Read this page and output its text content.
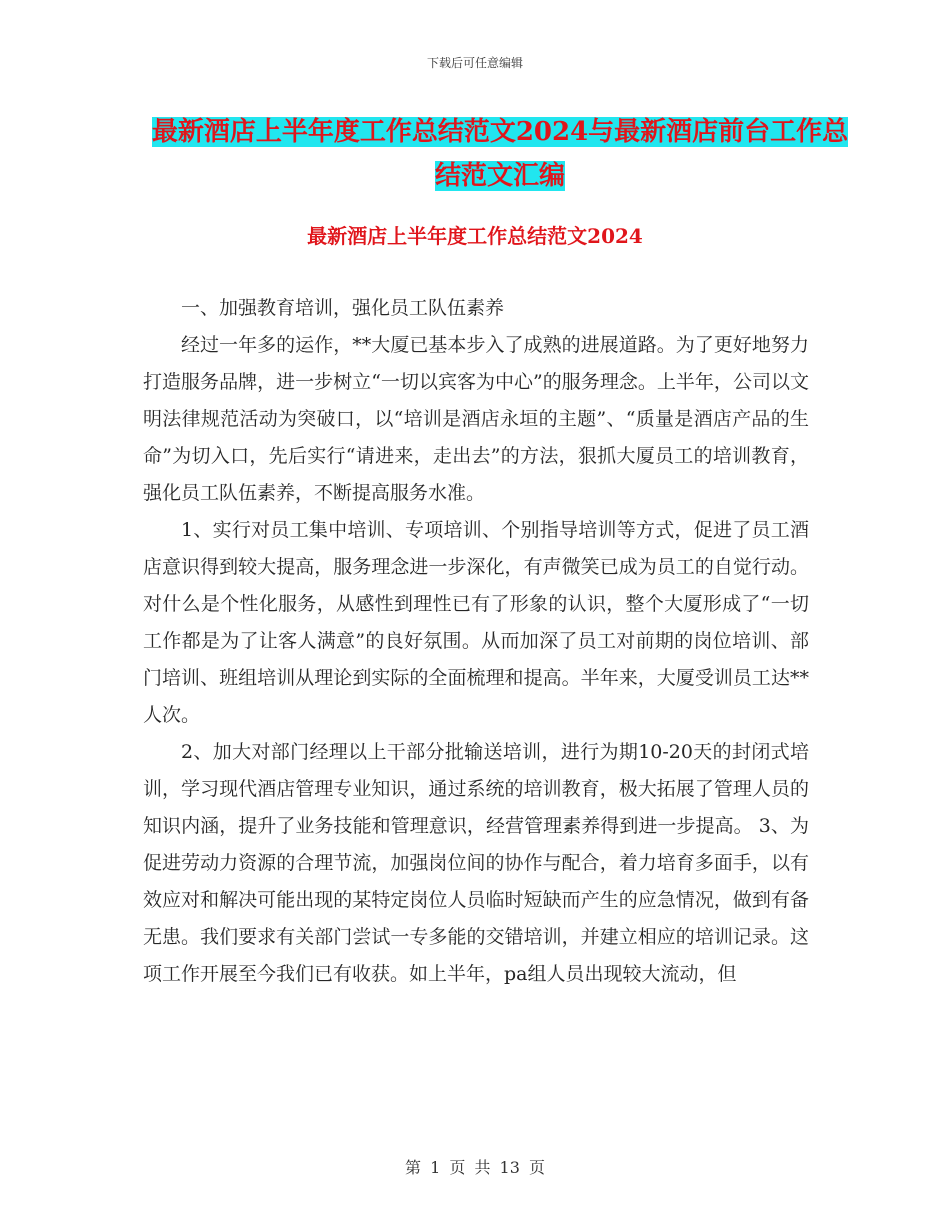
下载后可任意编辑
最新酒店上半年度工作总结范文2024与最新酒店前台工作总结范文汇编
最新酒店上半年度工作总结范文2024

一、加强教育培训，强化员工队伍素养

经过一年多的运作，**大厦已基本步入了成熟的进展道路。为了更好地努力打造服务品牌，进一步树立“一切以宾客为中心”的服务理念。上半年，公司以文明法律规范活动为突破口，以“培训是酒店永垣的主题”、“质量是酒店产品的生命”为切入口，先后实行“请进来，走出去”的方法，狠抓大厦员工的培训教育，强化员工队伍素养，不断提高服务水准。

1、实行对员工集中培训、专项培训、个别指导培训等方式，促进了员工酒店意识得到较大提高，服务理念进一步深化，有声微笑已成为员工的自觉行动。对什么是个性化服务，从感性到理性已有了形象的认识，整个大厦形成了“一切工作都是为了让客人满意”的良好氛围。从而加深了员工对前期的岗位培训、部门培训、班组培训从理论到实际的全面梳理和提高。半年来，大厦受训员工达**人次。

2、加大对部门经理以上干部分批输送培训，进行为期10-20天的封闭式培训，学习现代酒店管理专业知识，通过系统的培训教育，极大拓展了管理人员的知识内涵，提升了业务技能和管理意识，经营管理素养得到进一步提高。 3、为促进劳动力资源的合理节流，加强岗位间的协作与配合，着力培育多面手，以有效应对和解决可能出现的某特定岗位人员临时短缺而产生的应急情况，做到有备无患。我们要求有关部门尝试一专多能的交错培训，并建立相应的培训记录。这项工作开展至今我们已有收获。如上半年，pa组人员出现较大流动，但

第 1 页 共 13 页
